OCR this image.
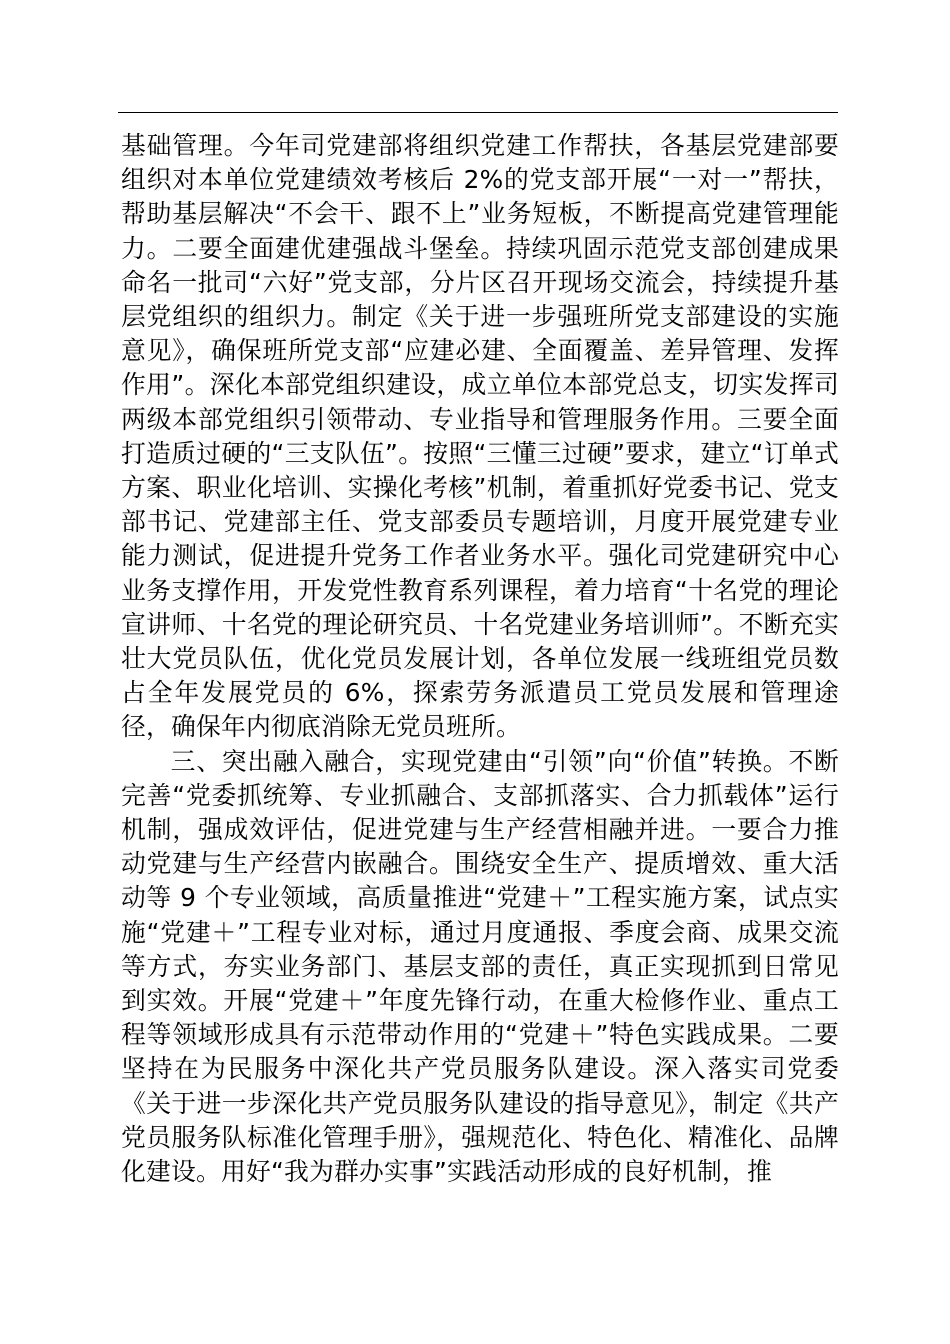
基础管理。今年司党建部将组织党建工作帮扶，各基层党建部要组织对本单位党建绩效考核后 2%的党支部开展“一对一”帮扶，帮助基层解决“不会干、跟不上”业务短板，不断提高党建管理能力。二要全面建优建强战斗堡垒。持续巩固示范党支部创建成果命名一批司“六好”党支部，分片区召开现场交流会，持续提升基层党组织的组织力。制定《关于进一步强班所党支部建设的实施意见》，确保班所党支部“应建必建、全面覆盖、差异管理、发挥作用”。深化本部党组织建设，成立单位本部党总支，切实发挥司两级本部党组织引领带动、专业指导和管理服务作用。三要全面打造质过硬的“三支队伍”。按照“三懂三过硬”要求，建立“订单式方案、职业化培训、实操化考核”机制，着重抓好党委书记、党支部书记、党建部主任、党支部委员专题培训，月度开展党建专业能力测试，促进提升党务工作者业务水平。强化司党建研究中心业务支撑作用，开发党性教育系列课程，着力培育“十名党的理论宣讲师、十名党的理论研究员、十名党建业务培训师”。不断充实壮大党员队伍，优化党员发展计划，各单位发展一线班组党员数占全年发展党员的 6%，探索劳务派遣员工党员发展和管理途径，确保年内彻底消除无党员班所。

三、突出融入融合，实现党建由“引领”向“价值”转换。不断完善“党委抓统筹、专业抓融合、支部抓落实、合力抓载体”运行机制，强成效评估，促进党建与生产经营相融并进。一要合力推动党建与生产经营内嵌融合。围绕安全生产、提质增效、重大活动等 9 个专业领域，高质量推进“党建＋”工程实施方案，试点实施“党建＋”工程专业对标，通过月度通报、季度会商、成果交流等方式，夯实业务部门、基层支部的责任，真正实现抓到日常见到实效。开展“党建＋”年度先锋行动，在重大检修作业、重点工程等领域形成具有示范带动作用的“党建＋”特色实践成果。二要坚持在为民服务中深化共产党员服务队建设。深入落实司党委《关于进一步深化共产党员服务队建设的指导意见》，制定《共产党员服务队标准化管理手册》，强规范化、特色化、精准化、品牌化建设。用好“我为群办实事”实践活动形成的良好机制，推
